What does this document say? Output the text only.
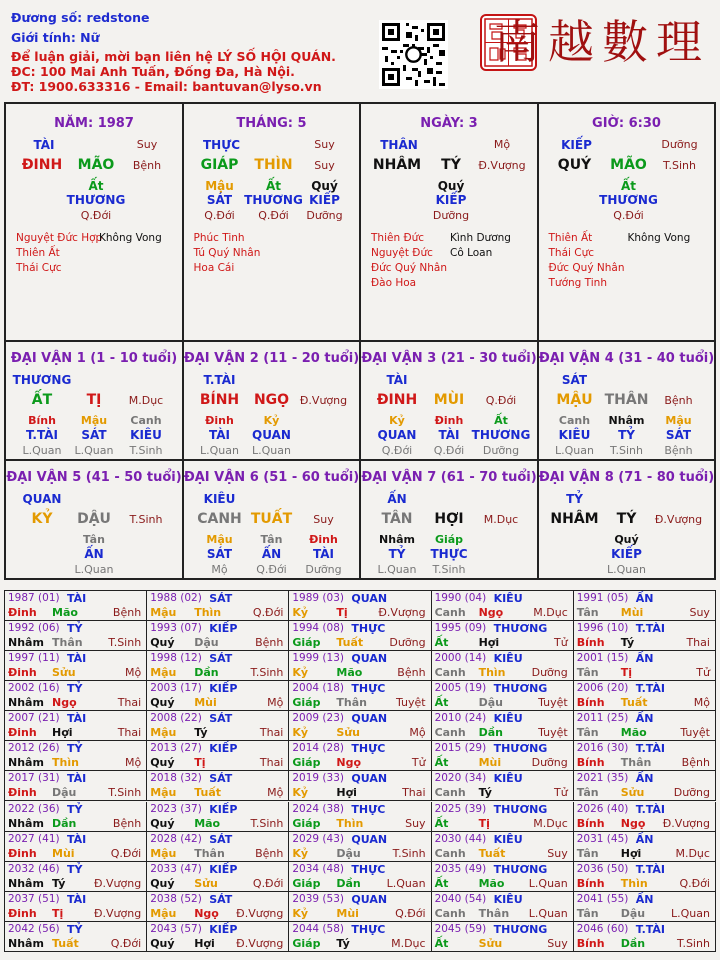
Đương số: redstone
Giới tính: Nữ
Để luận giải, mời bạn liên hệ LÝ SỐ HỘI QUÁN.
ĐC: 100 Mai Anh Tuấn, Đống Đa, Hà Nội.
ĐT: 1900.633316 - Email: bantuvan@lyso.vn
南越數理
NĂM: 1987
TÀI	Suy
ĐINH MÃO Bệnh
Ất
THƯƠNG
Q.Đới
Nguyệt Đức Hợp
Không Vong
Thiên Ất
Thái Cực
THÁNG: 5
THỰC	Suy
GIÁP THÌN Suy
Mậu
SÁT
Q.Đới
Ất
THƯƠNG
Q.Đới
Quý
KIẾP
Dưỡng
Phúc Tinh
Tú Quý Nhân
Hoa Cái
NGÀY: 3
THÂN	Mộ
NHÂM TÝ Đ.Vượng
Quý
KIẾP
Dưỡng
Thiên Đức Kình Dương
Nguyệt Đức Cô Loan
Đức Quý Nhân
Đào Hoa
GIỜ: 6:30
KIẾP	Dưỡng
QUÝ MÃO T.Sinh
Ất
THƯƠNG
Q.Đới
Thiên Ất	Không Vong
Thái Cực
Đức Quý Nhân
Tướng Tinh
ĐẠI VẬN 1 (1 - 10 tuổi)
THƯƠNG
ẤT TỊ M.Dục
Bính
T.TÀI
L.Quan
Mậu
SÁT
L.Quan
Canh
KIÊU
T.Sinh
ĐẠI VẬN 2 (11 - 20 tuổi)
T.TÀI
BÍNH NGỌ Đ.Vượng
Đinh
TÀI
L.Quan
Kỷ
QUAN
L.Quan
ĐẠI VẬN 3 (21 - 30 tuổi)
TÀI
ĐINH MÙI Q.Đới
Kỷ
QUAN
Q.Đới
Đinh
TÀI
Q.Đới
Ất
THƯƠNG
Dưỡng
ĐẠI VẬN 4 (31 - 40 tuổi)
SÁT
MẬU THÂN Bệnh
Canh
KIÊU
L.Quan
Nhâm
TỶ
T.Sinh
Mậu
SÁT
Bệnh
ĐẠI VẬN 5 (41 - 50 tuổi)
QUAN
KỶ DẬU T.Sinh
Tân
ẤN
L.Quan
ĐẠI VẬN 6 (51 - 60 tuổi)
KIÊU
CANH TUẤT Suy
Mậu
SÁT
Mộ
Tân
ẤN
Q.Đới
Đinh
TÀI
Dưỡng
ĐẠI VẬN 7 (61 - 70 tuổi)
ẤN
TÂN HỢI M.Dục
Nhâm
TỶ
L.Quan
Giáp
THỰC
T.Sinh
ĐẠI VẬN 8 (71 - 80 tuổi)
TỶ
NHÂM TÝ Đ.Vượng
Quý
KIẾP
L.Quan
1987 (01) TÀI
Đinh Mão	Bệnh
1988 (02) SÁT
Mậu Thìn	Q.Đới
1989 (03) QUAN
Kỷ	Tị	Đ.Vượng
1990 (04) KIÊU
Canh Ngọ	M.Dục
1991 (05) ẤN
Tân Mùi	Suy
1992 (06) TỶ
Nhâm Thân T.Sinh
1993 (07) KIẾP
Quý Dậu	Bệnh
1994 (08) THỰC
Giáp Tuất Dưỡng
1995 (09) THƯƠNG
Ất	Hợi	Tử
1996 (10) T.TÀI
Bính Tý	Thai
1997 (11) TÀI
Đinh Sửu	Mộ
1998 (12) SÁT
Mậu Dần	T.Sinh
1999 (13) QUAN
Kỷ	Mão	Bệnh
2000 (14) KIÊU
Canh Thìn Dưỡng
2001 (15) ẤN
Tân Tị	Tử
2002 (16) TỶ
Nhâm Ngọ	Thai
2003 (17) KIẾP
Quý Mùi	Mộ
2004 (18) THỰC
Giáp Thân	Tuyệt
2005 (19) THƯƠNG
Ất	Dậu	Tuyệt
2006 (20) T.TÀI
Bính Tuất	Mộ
2007 (21) TÀI
Đinh Hợi	Thai
2008 (22) SÁT
Mậu Tý	Thai
2009 (23) QUAN
Kỷ	Sửu	Mộ
2010 (24) KIÊU
Canh Dần	Tuyệt
2011 (25) ẤN
Tân Mão	Tuyệt
2012 (26) TỶ
Nhâm Thìn	Mộ
2013 (27) KIẾP
Quý Tị	Thai
2014 (28) THỰC
Giáp Ngọ	Tử
2015 (29) THƯƠNG
Ất	Mùi	Dưỡng
2016 (30) T.TÀI
Bính Thân	Bệnh
2017 (31) TÀI
Đinh Dậu	T.Sinh
2018 (32) SÁT
Mậu Tuất	Mộ
2019 (33) QUAN
Kỷ	Hợi	Thai
2020 (34) KIÊU
Canh Tý	Tử
2021 (35) ẤN
Tân Sửu	Dưỡng
2022 (36) TỶ
Nhâm Dần	Bệnh
2023 (37) KIẾP
Quý Mão	T.Sinh
2024 (38) THỰC
Giáp Thìn	Suy
2025 (39) THƯƠNG
Ất	Tị	M.Dục
2026 (40) T.TÀI
Bính Ngọ Đ.Vượng
2027 (41) TÀI
Đinh Mùi	Q.Đới
2028 (42) SÁT
Mậu Thân	Bệnh
2029 (43) QUAN
Kỷ	Dậu	T.Sinh
2030 (44) KIÊU
Canh Tuất	Suy
2031 (45) ẤN
Tân Hợi	M.Dục
2032 (46) TỶ
Nhâm Tý	Đ.Vượng
2033 (47) KIẾP
Quý Sửu	Q.Đới
2034 (48) THỰC
Giáp Dần L.Quan
2035 (49) THƯƠNG
Ất	Mão L.Quan
2036 (50) T.TÀI
Bính Thìn	Q.Đới
2037 (51) TÀI
Đinh Tị	Đ.Vượng
2038 (52) SÁT
Mậu Ngọ Đ.Vượng
2039 (53) QUAN
Kỷ	Mùi	Q.Đới
2040 (54) KIÊU
Canh Thân L.Quan
2041 (55) ẤN
Tân Dậu L.Quan
2042 (56) TỶ
Nhâm Tuất	Q.Đới
2043 (57) KIẾP
Quý Hợi Đ.Vượng
2044 (58) THỰC
Giáp Tý	M.Dục
2045 (59) THƯƠNG
Ất	Sửu	Suy
2046 (60) T.TÀI
Bính Dần	T.Sinh
